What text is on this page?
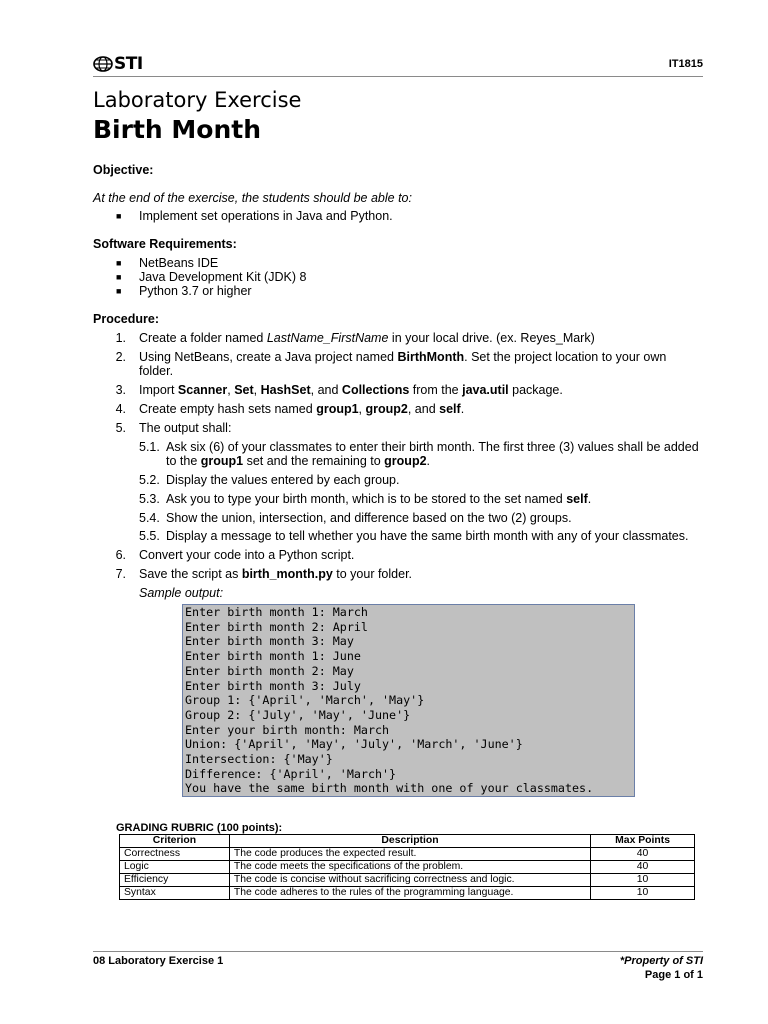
STI	IT1815
Laboratory Exercise
Birth Month
Objective:
At the end of the exercise, the students should be able to:
■ Implement set operations in Java and Python.
Software Requirements:
■ NetBeans IDE
■ Java Development Kit (JDK) 8
■ Python 3.7 or higher
Procedure:
1. Create a folder named LastName_FirstName in your local drive. (ex. Reyes_Mark)
2. Using NetBeans, create a Java project named BirthMonth. Set the project location to your own
folder.
3. Import Scanner, Set, HashSet, and Collections from the java.util package.
4. Create empty hash sets named group1, group2, and self.
5. The output shall:
5.1. Ask six (6) of your classmates to enter their birth month. The first three (3) values shall be added
to the group1 set and the remaining to group2.
5.2. Display the values entered by each group.
5.3. Ask you to type your birth month, which is to be stored to the set named self.
5.4. Show the union, intersection, and difference based on the two (2) groups.
5.5. Display a message to tell whether you have the same birth month with any of your classmates.
6. Convert your code into a Python script.
7. Save the script as birth_month.py to your folder.
Sample output:
Enter birth month 1: March
Enter birth month 2: April
Enter birth month 3: May
Enter birth month 1: June
Enter birth month 2: May
Enter birth month 3: July
Group 1: {'April', 'March', 'May'}
Group 2: {'July', 'May', 'June'}
Enter your birth month: March
Union: {'April', 'May', 'July', 'March', 'June'}
Intersection: {'May'}
Difference: {'April', 'March'}
You have the same birth month with one of your classmates.
GRADING RUBRIC (100 points):
Criterion	Description	Max Points
Correctness	The code produces the expected result.	40
Logic	The code meets the specifications of the problem.	40
Efficiency	The code is concise without sacrificing correctness and logic.	10
Syntax	The code adheres to the rules of the programming language.	10
08 Laboratory Exercise 1	*Property of STI
Page 1 of 1
